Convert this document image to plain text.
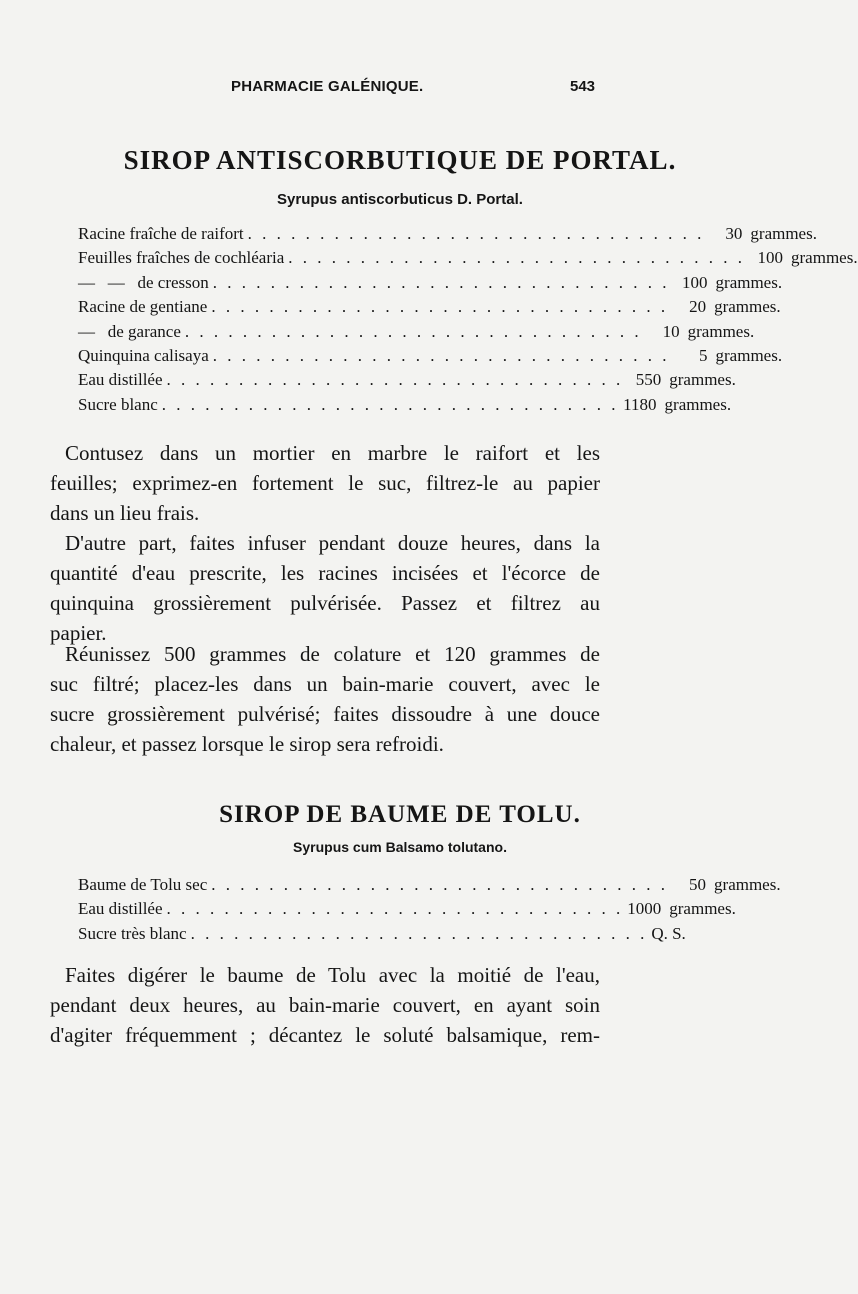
PHARMACIE GALÉNIQUE.	543
SIROP ANTISCORBUTIQUE DE PORTAL.
Syrupus antiscorbuticus D. Portal.
Racine fraîche de raifort . . . . . . . . . . . . . . . . . . . . . . . . . . . . . . . .	30 grammes.
Feuilles fraîches de cochléaria . . . . . . . . . . . . . . . . . . . . . . . . . . . . . . . . 100 grammes.
—   —   de cresson . . . . . . . . . . . . . . . . . . . . . . . . . . . . . . . . 100 grammes.
Racine de gentiane . . . . . . . . . . . . . . . . . . . . . . . . . . . . . . . .	20 grammes.
—   de garance . . . . . . . . . . . . . . . . . . . . . . . . . . . . . . . .	10 grammes.
Quinquina calisaya . . . . . . . . . . . . . . . . . . . . . . . . . . . . . . . .	5 grammes.
Eau distillée . . . . . . . . . . . . . . . . . . . . . . . . . . . . . . . . 550 grammes.
Sucre blanc . . . . . . . . . . . . . . . . . . . . . . . . . . . . . . . . 1180 grammes.
Contusez dans un mortier en marbre le raifort et les
feuilles; exprimez-en fortement le suc, filtrez-le au papier
dans un lieu frais.
D'autre part, faites infuser pendant douze heures, dans la
quantité d'eau prescrite, les racines incisées et l'écorce de
quinquina grossièrement pulvérisée. Passez et filtrez au
papier.
Réunissez 500 grammes de colature et 120 grammes de
suc filtré; placez-les dans un bain-marie couvert, avec le
sucre grossièrement pulvérisé; faites dissoudre à une douce
chaleur, et passez lorsque le sirop sera refroidi.
SIROP DE BAUME DE TOLU.
Syrupus cum Balsamo tolutano.
Baume de Tolu sec . . . . . . . . . . . . . . . . . . . . . . . . . . . . . . . .	50 grammes.
Eau distillée . . . . . . . . . . . . . . . . . . . . . . . . . . . . . . . . 1000 grammes.
Sucre très blanc . . . . . . . . . . . . . . . . . . . . . . . . . . . . . . . . Q. S.
Faites digérer le baume de Tolu avec la moitié de l'eau,
pendant deux heures, au bain-marie couvert, en ayant soin
d'agiter fréquemment ; décantez le soluté balsamique, rem-
